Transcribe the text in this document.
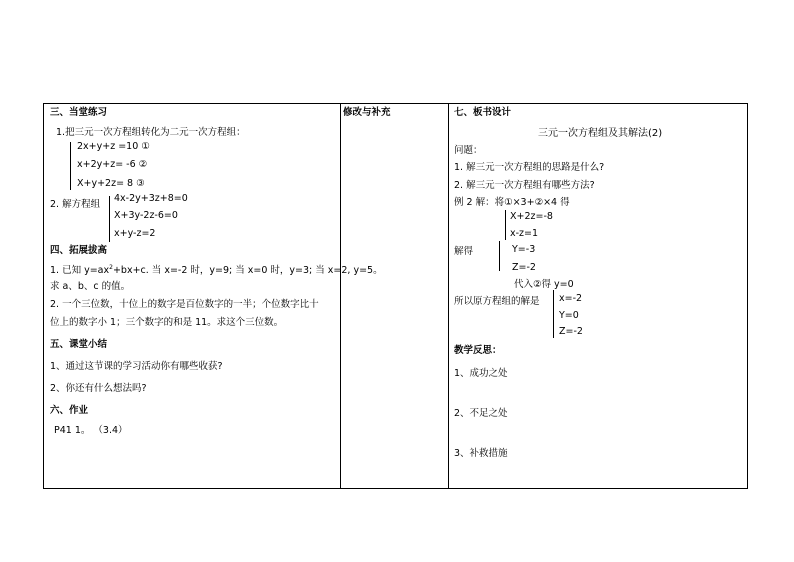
三、当堂练习
1.把三元一次方程组转化为二元一次方程组：
2x+y+z =10 ①
x+2y+z= -6 ②
X+y+2z= 8 ③
2. 解方程组
4x-2y+3z+8=0
X+3y-2z-6=0
x+y-z=2
四、拓展拔高
1. 已知 $y=ax^2+bx+c$. 当 x=-2 时，y=9; 当 x=0 时，y=3; 当 x=2, y=5。
求 a、b、c 的值。
2. 一个三位数，十位上的数字是百位数字的一半；个位数字比十
位上的数字小 1；三个数字的和是 11。求这个三位数。
五、课堂小结
1、通过这节课的学习活动你有哪些收获?
2、你还有什么想法吗?
六、作业
P41 1。 （3.4）
修改与补充	七、板书设计
三元一次方程组及其解法(2)
问题：
1. 解三元一次方程组的思路是什么?
2. 解三元一次方程组有哪些方法?
例 2 解：将①×3+②×4 得
X+2z=-8
x-z=1
解得	Y=-3
Z=-2
代入②得 y=0
所以原方程组的解是 x=-2
Y=0
Z=-2
教学反思：
1、成功之处
2、不足之处
3、补救措施
